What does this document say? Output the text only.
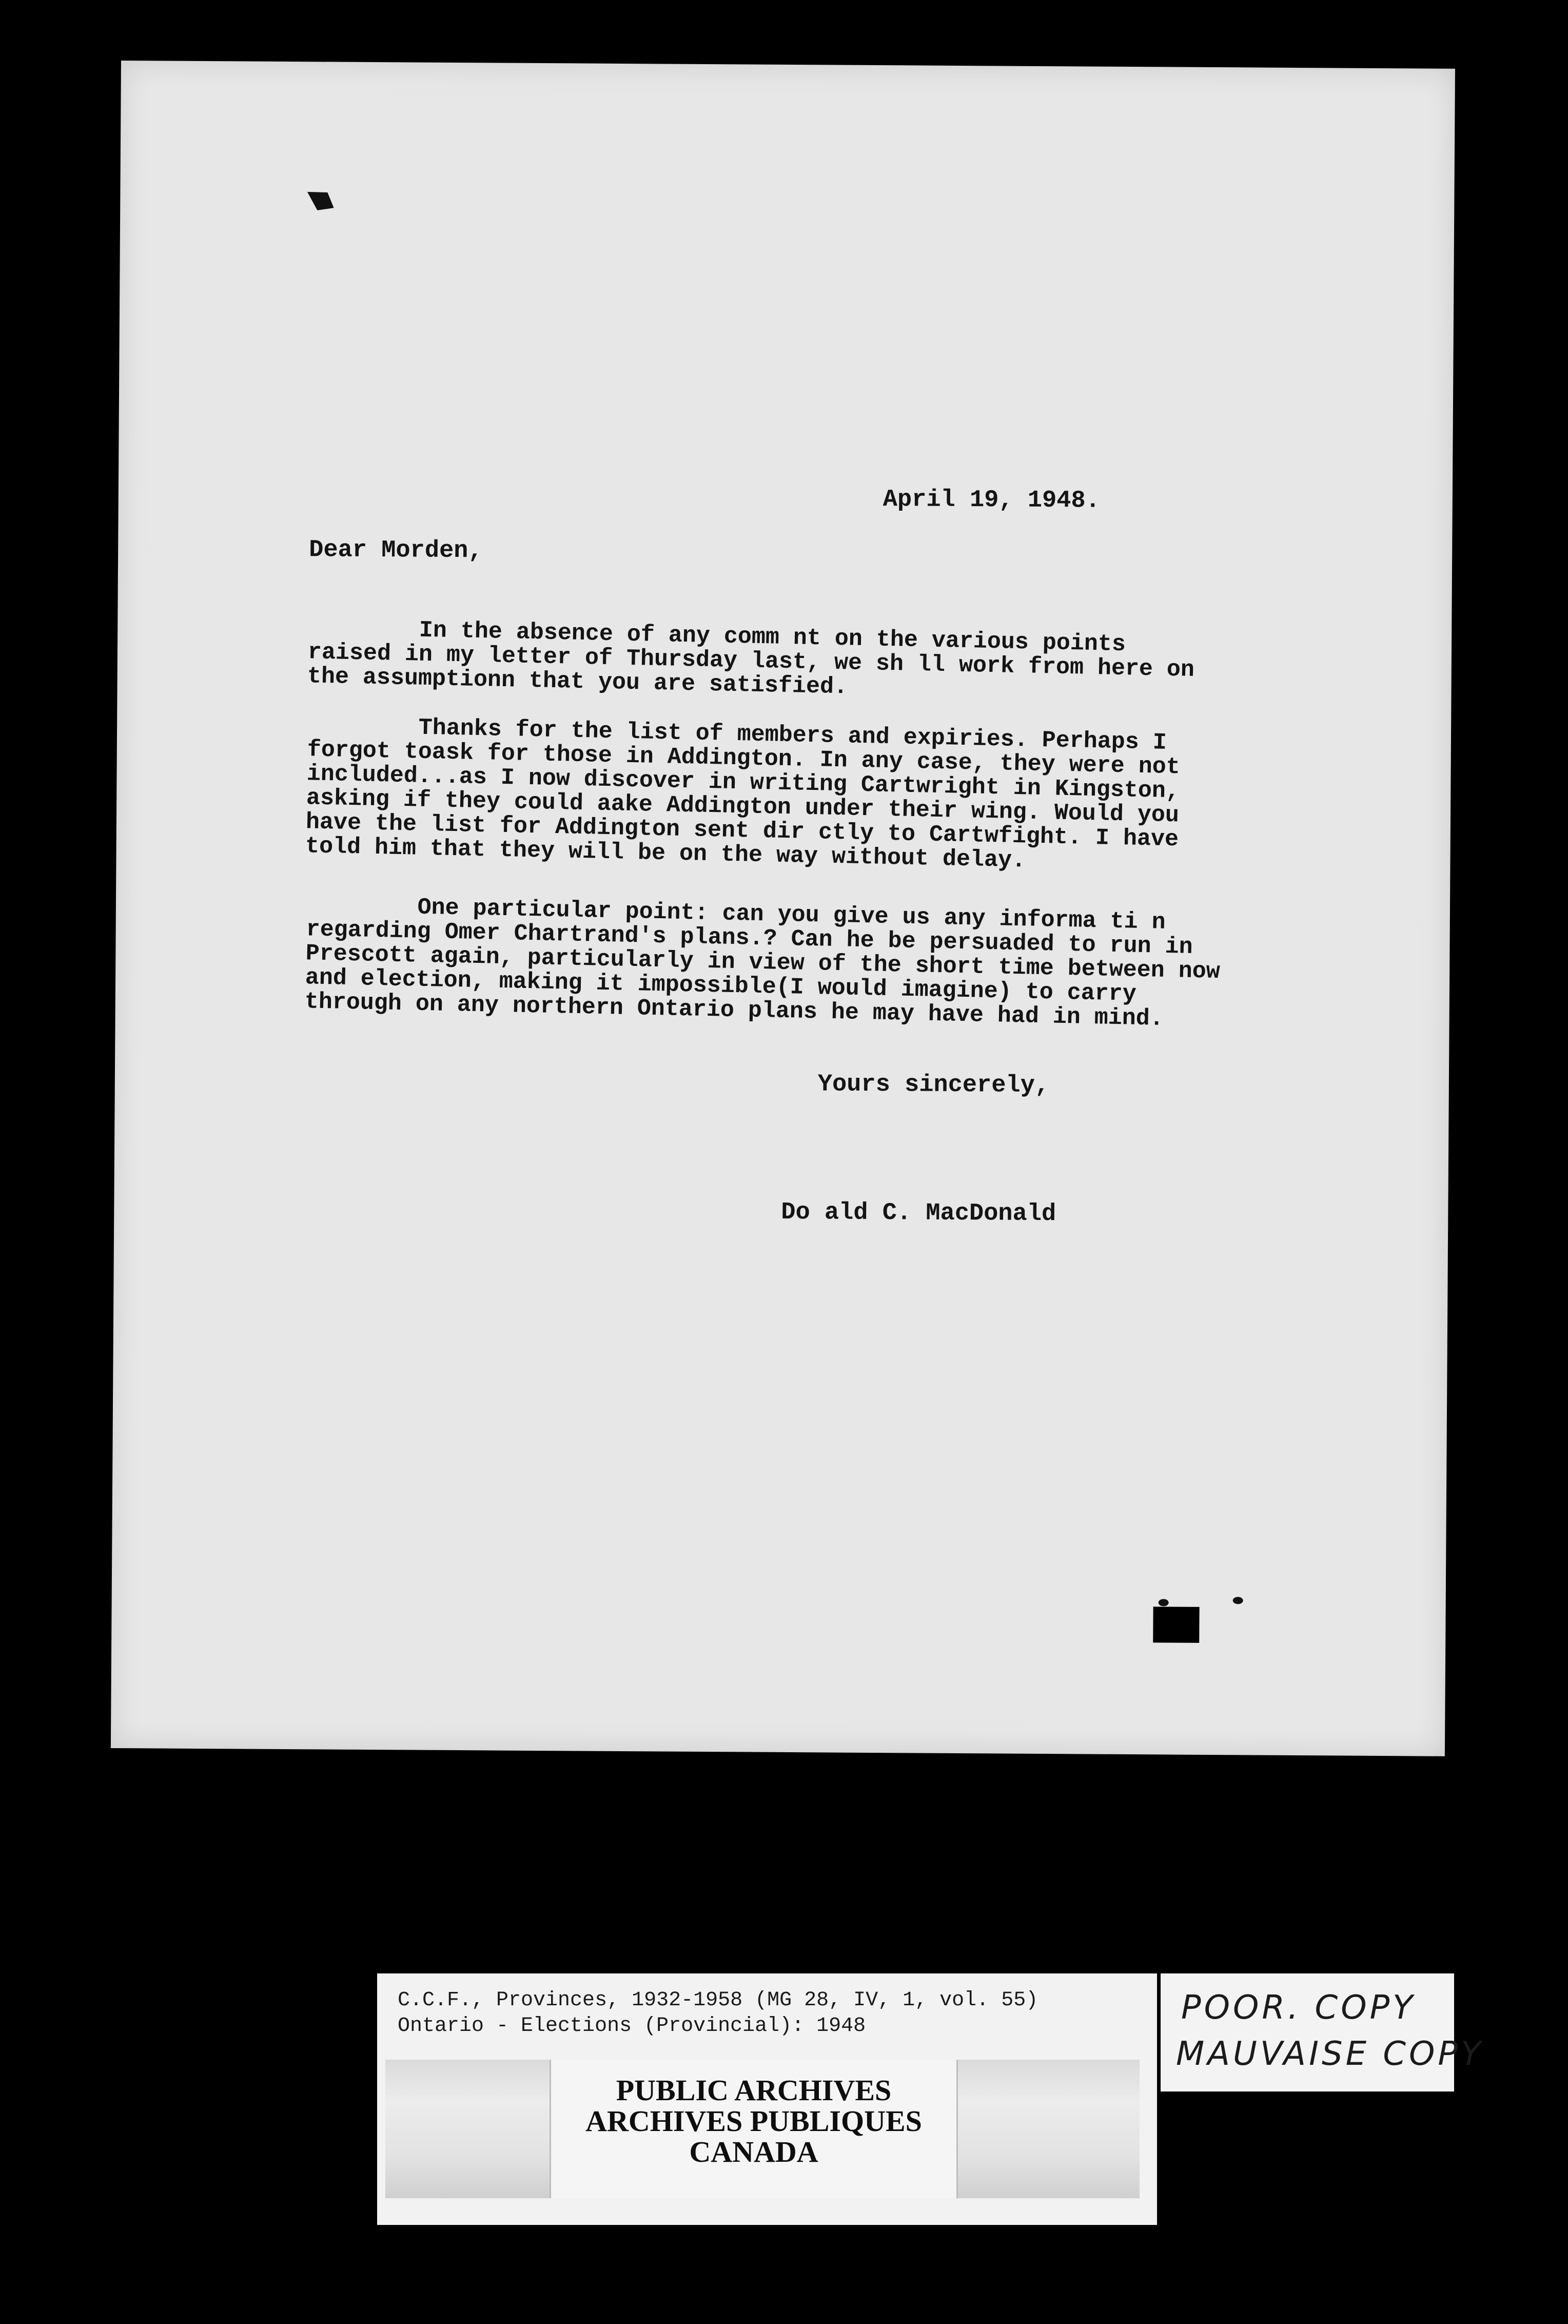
April 19, 1948.
Dear Morden,

In the absence of any comm nt on the various points
raised in my letter of Thursday last, we sh ll work from here on
the assumptionn that you are satisfied.

Thanks for the list of members and expiries. Perhaps I
forgot toask for those in Addington. In any case, they were not
included...as I now discover in writing Cartwright in Kingston,
asking if they could aake Addington under their wing. Would you
have the list for Addington sent dir ctly to Cartwfight. I have
told him that they will be on the way without delay.

One particular point: can you give us any informa ti n
regarding Omer Chartrand's plans.? Can he be persuaded to run in
Prescott again, particularly in view of the short time between now
and election, making it impossible(I would imagine) to carry
through on any northern Ontario plans he may have had in mind.

Yours sincerely,
Do ald C. MacDonald
C.C.F., Provinces, 1932-1958 (MG 28, IV, 1, vol. 55)
Ontario - Elections (Provincial): 1948
PUBLIC ARCHIVES
ARCHIVES PUBLIQUES
CANADA
POOR. COPY
MAUVAISE COPY
